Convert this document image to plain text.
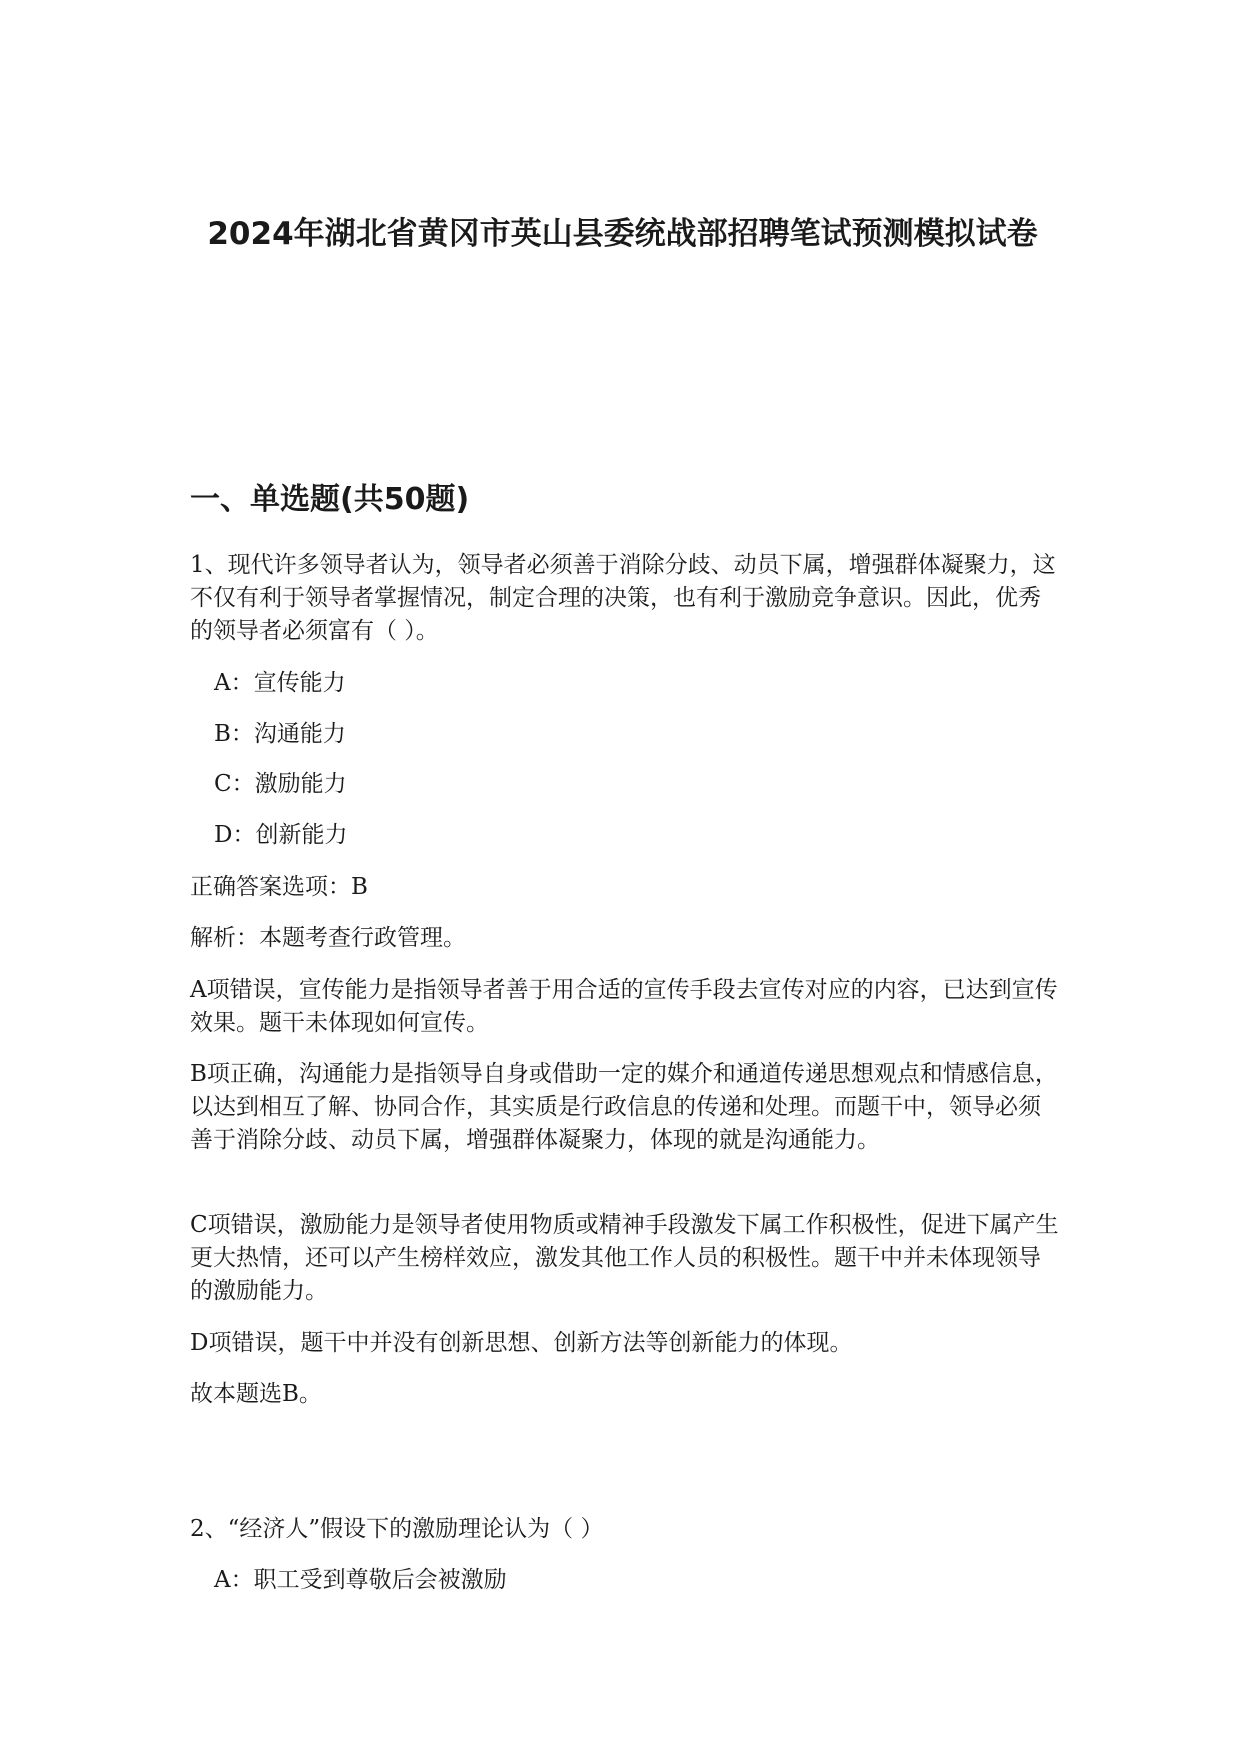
2024年湖北省黄冈市英山县委统战部招聘笔试预测模拟试卷
一、单选题(共50题)

1、现代许多领导者认为，领导者必须善于消除分歧、动员下属，增强群体凝聚力，这不仅有利于领导者掌握情况，制定合理的决策，也有利于激励竞争意识。因此，优秀的领导者必须富有（ ）。

A：宣传能力
B：沟通能力
C：激励能力
D：创新能力

正确答案选项：B

解析：本题考查行政管理。

A项错误，宣传能力是指领导者善于用合适的宣传手段去宣传对应的内容，已达到宣传效果。题干未体现如何宣传。

B项正确，沟通能力是指领导自身或借助一定的媒介和通道传递思想观点和情感信息，以达到相互了解、协同合作，其实质是行政信息的传递和处理。而题干中，领导必须善于消除分歧、动员下属，增强群体凝聚力，体现的就是沟通能力。

C项错误，激励能力是领导者使用物质或精神手段激发下属工作积极性，促进下属产生更大热情，还可以产生榜样效应，激发其他工作人员的积极性。题干中并未体现领导的激励能力。

D项错误，题干中并没有创新思想、创新方法等创新能力的体现。

故本题选B。

2、“经济人”假设下的激励理论认为（ ）

A：职工受到尊敬后会被激励
